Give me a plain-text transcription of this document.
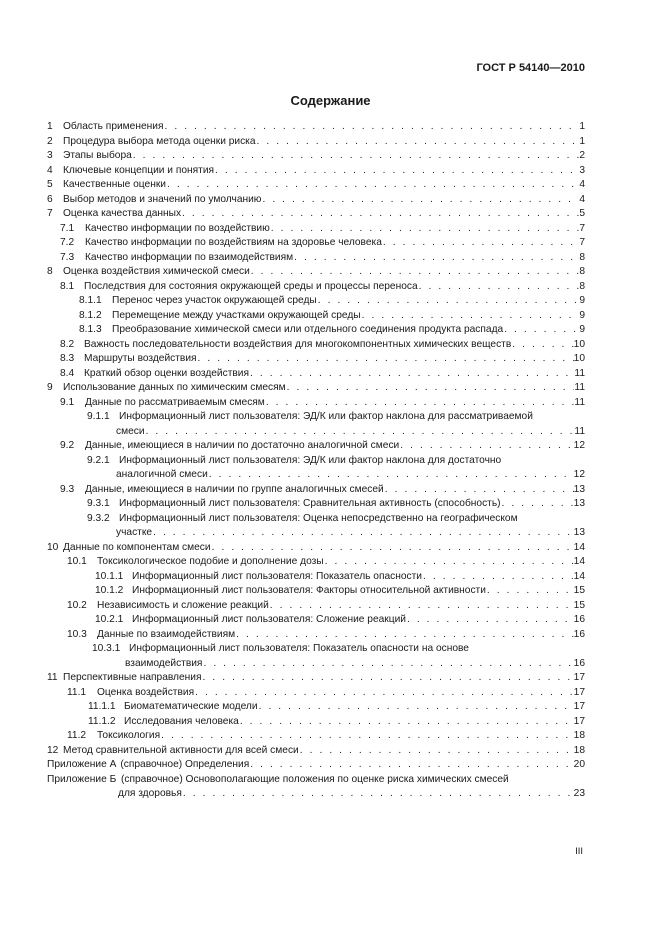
ГОСТ Р 54140—2010
Содержание
1	Область применения . . .	1
2	Процедура выбора метода оценки риска . . .	1
3	Этапы выбора . . .	2
4	Ключевые концепции и понятия . . .	3
5	Качественные оценки . . .	4
6	Выбор методов и значений по умолчанию . . .	4
7	Оценка качества данных . . .	5
7.1	Качество информации по воздействию . . .	7
7.2	Качество информации по воздействиям на здоровье человека . . .	7
7.3	Качество информации по взаимодействиям . . .	8
8	Оценка воздействия химической смеси . . .	8
8.1 Последствия для состояния окружающей среды и процессы переноса . . .	8
8.1.1	Перенос через участок окружающей среды . . .	9
8.1.2	Перемещение между участками окружающей среды . . .	9
8.1.3	Преобразование химической смеси или отдельного соединения продукта распада . . .	9
8.2 Важность последовательности воздействия для многокомпонентных химических веществ . . .	10
8.3 Маршруты воздействия . . .	10
8.4 Краткий обзор оценки воздействия . . .	11
9	Использование данных по химическим смесям . . .	11
9.1	Данные по рассматриваемым смесям . . .	11
9.1.1 Информационный лист пользователя: ЭД/К или фактор наклона для рассматриваемой
смеси . . .	11
9.2	Данные, имеющиеся в наличии по достаточно аналогичной смеси . . .	12
9.2.1 Информационный лист пользователя: ЭД/К или фактор наклона для достаточно
аналогичной смеси . . .	12
9.3	Данные, имеющиеся в наличии по группе аналогичных смесей . . .	13
9.3.1 Информационный лист пользователя: Сравнительная активность (способность) . . .	13
9.3.2 Информационный лист пользователя: Оценка непосредственно на географическом
участке . . .	13
10 Данные по компонентам смеси . . .	14
10.1 Токсикологическое подобие и дополнение дозы . . .	14
10.1.1 Информационный лист пользователя: Показатель опасности . . .	14
10.1.2 Информационный лист пользователя: Факторы относительной активности . . .	15
10.2 Независимость и сложение реакций . . .	15
10.2.1 Информационный лист пользователя: Сложение реакций . . .	16
10.3 Данные по взаимодействиям . . .	16
10.3.1 Информационный лист пользователя: Показатель опасности на основе
взаимодействия . . .	16
11 Перспективные направления . . .	17
11.1	Оценка воздействия . . .	17
11.1.1 Биоматематические модели . . .	17
11.1.2 Исследования человека . . .	17
11.2	Токсикология . . .	18
12 Метод сравнительной активности для всей смеси . . .	18
Приложение А (справочное) Определения . . .	20
Приложение Б (справочное) Основополагающие положения по оценке риска химических смесей
для здоровья . . .	23
III
